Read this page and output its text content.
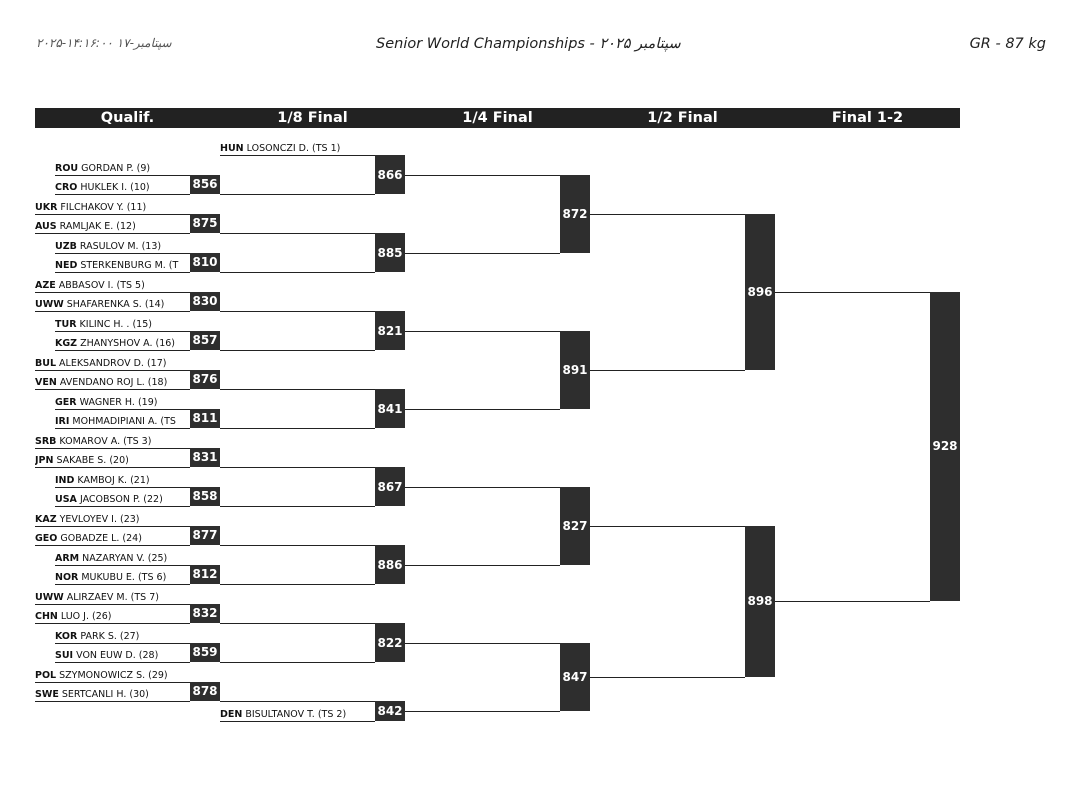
۲۰۲۵-۱۴:۱۶:۰۰ ۱۷-سپتامبر	Senior World Championships - ۲۰۲۵ سپتامبر	GR - 87 kg
Qualif.	1/8 Final	1/4 Final	1/2 Final	Final 1-2
HUN LOSONCZI D. (TS 1)
ROU GORDAN P. (9)
CRO HUKLEK I. (10)	856
UKR FILCHAKOV Y. (11)
AUS RAMLJAK E. (12)	875
UZB RASULOV M. (13)
NED STERKENBURG M. (T	810
AZE ABBASOV I. (TS 5)
UWW SHAFARENKA S. (14)	830
TUR KILINC H. . (15)
KGZ ZHANYSHOV A. (16)	857
BUL ALEKSANDROV D. (17)
VEN AVENDANO ROJ L. (18)	876
GER WAGNER H. (19)
IRI MOHMADIPIANI A. (TS	811
SRB KOMAROV A. (TS 3)
JPN SAKABE S. (20)	831
IND KAMBOJ K. (21)
USA JACOBSON P. (22)	858
KAZ YEVLOYEV I. (23)
GEO GOBADZE L. (24)	877
ARM NAZARYAN V. (25)
NOR MUKUBU E. (TS 6)	812
UWW ALIRZAEV M. (TS 7)
CHN LUO J. (26)	832
KOR PARK S. (27)
SUI VON EUW D. (28)	859
POL SZYMONOWICZ S. (29)
SWE SERTCANLI H. (30)	878
DEN BISULTANOV T. (TS 2)
866
885
821
841
867
886
822
842
872
891
827
847
896
898
928
